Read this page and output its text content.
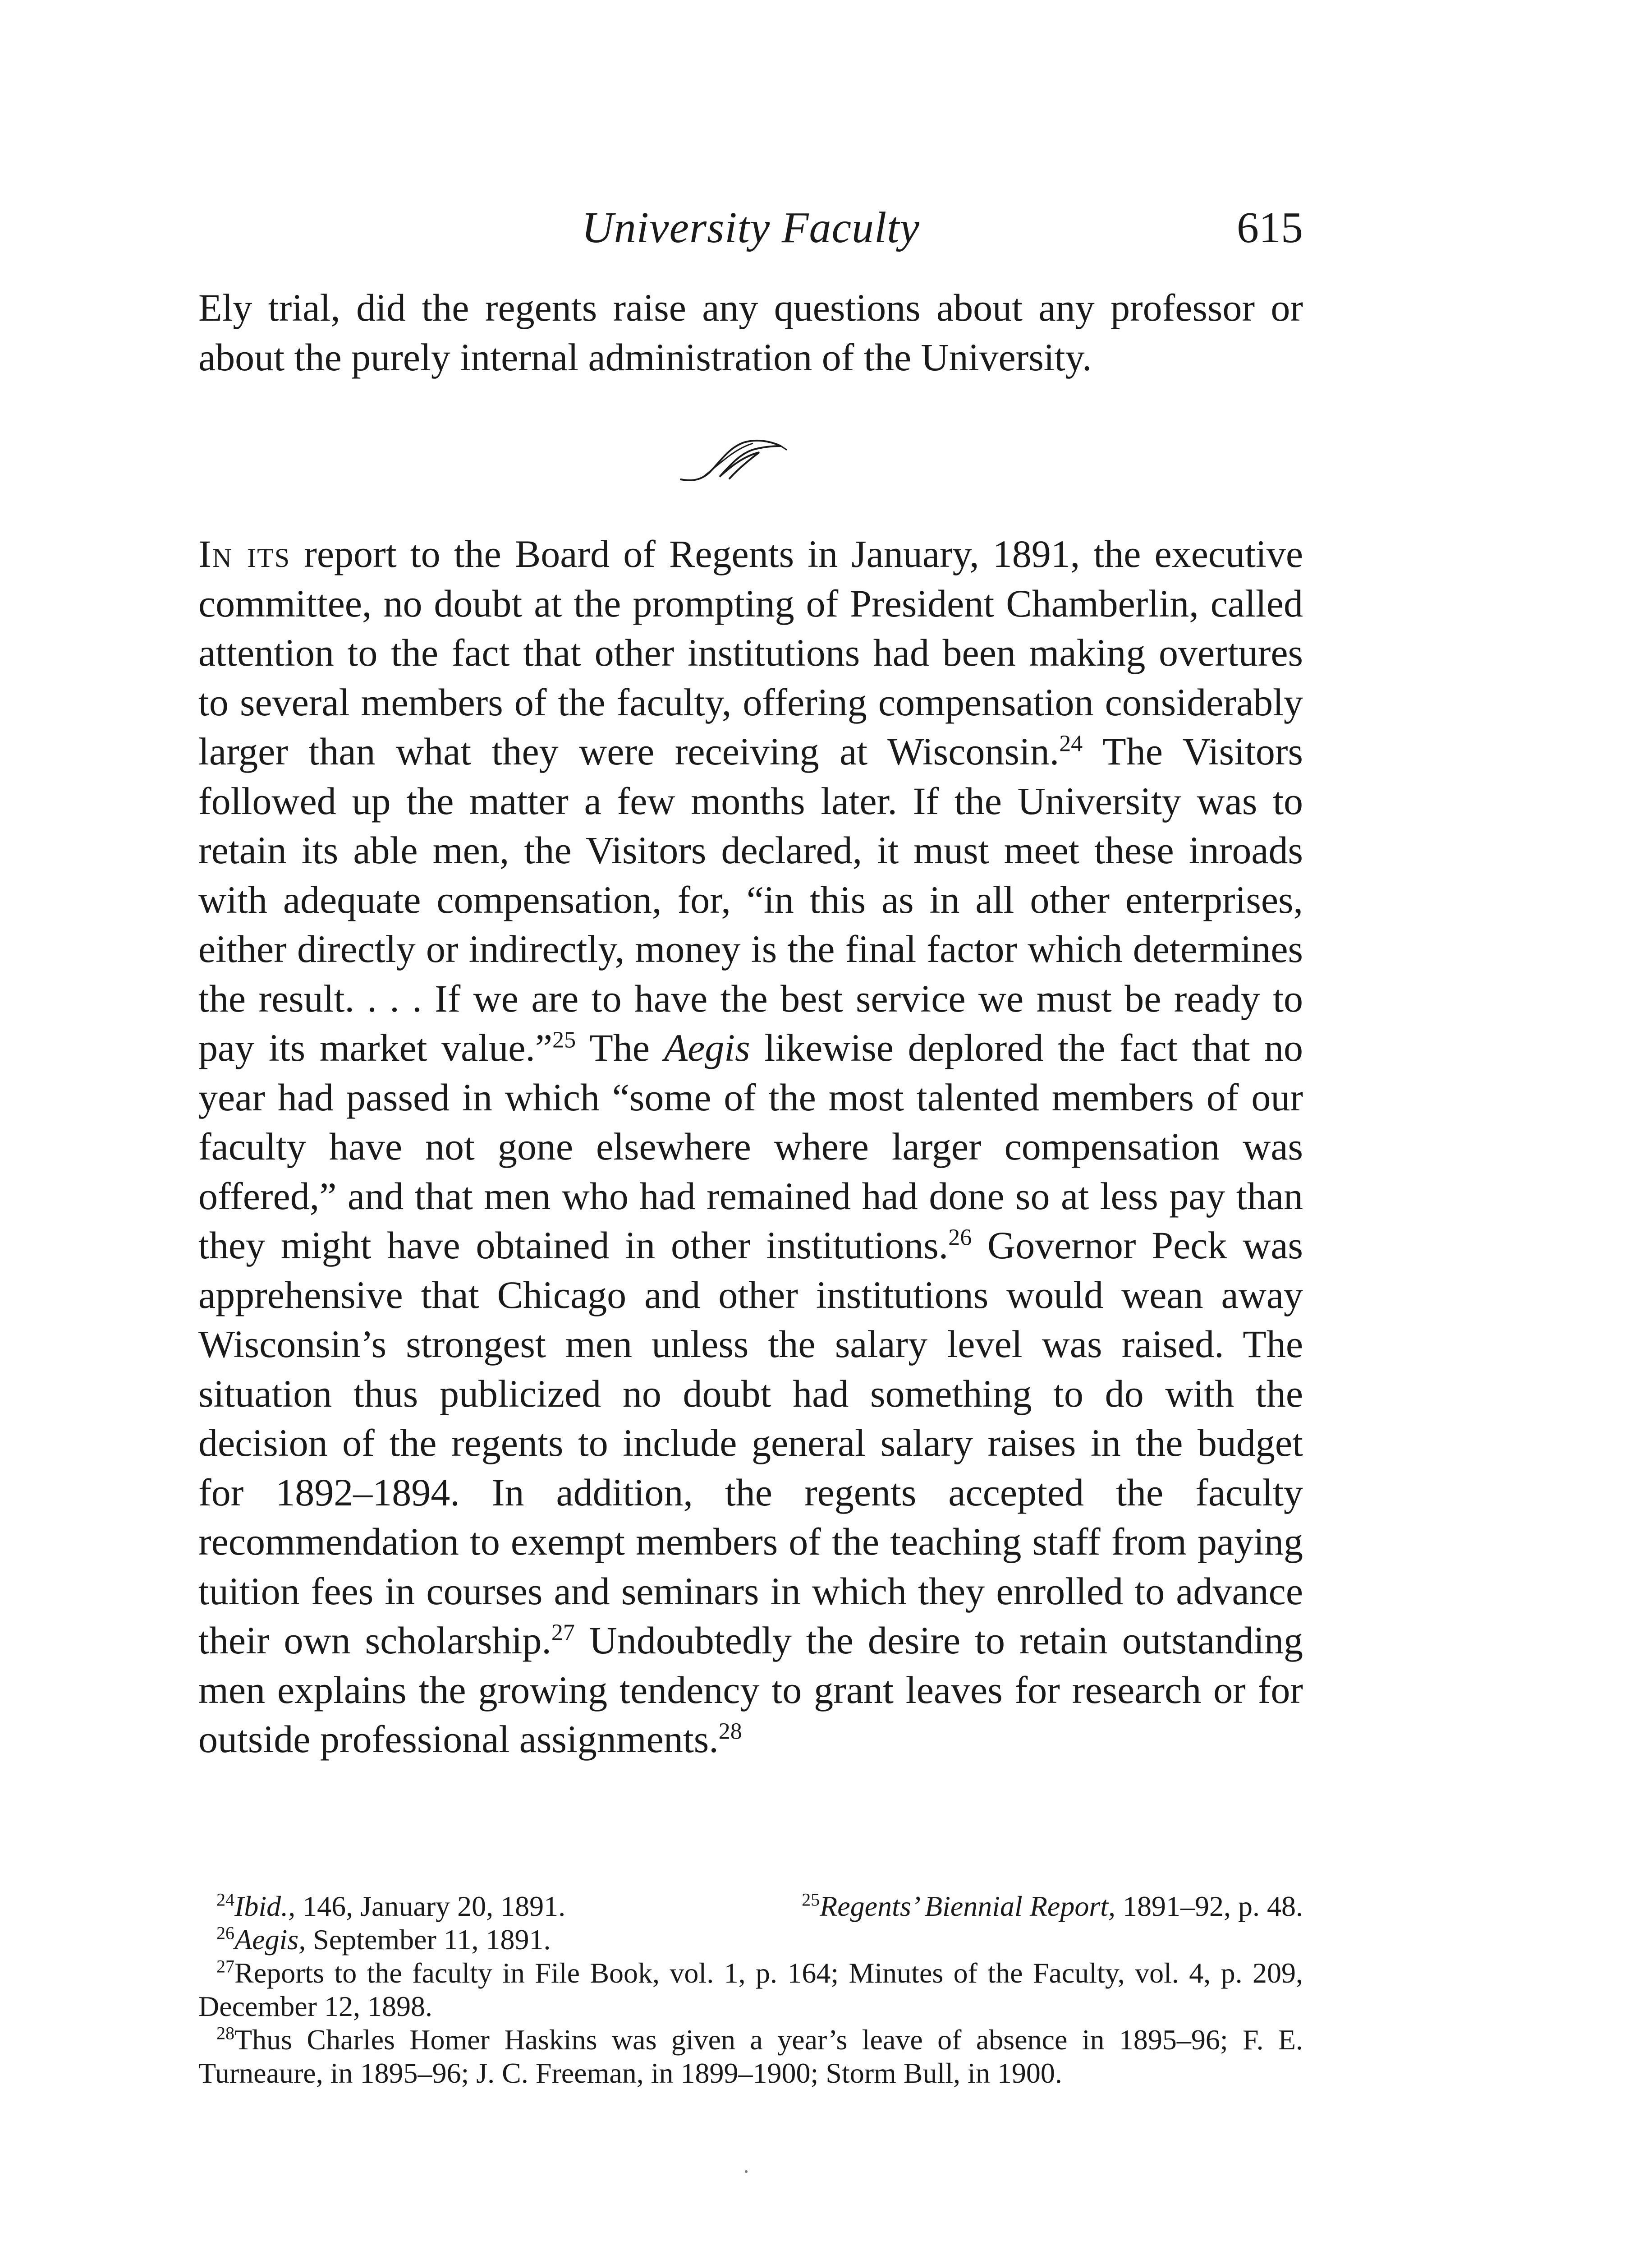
University Faculty	615

Ely trial, did the regents raise any questions about any professor or about the purely internal administration of the University.

In its report to the Board of Regents in January, 1891, the executive committee, no doubt at the prompting of President Chamberlin, called attention to the fact that other institutions had been making overtures to several members of the faculty, offering compensation considerably larger than what they were receiving at Wisconsin.$^{24}$ The Visitors followed up the matter a few months later. If the University was to retain its able men, the Visitors declared, it must meet these inroads with adequate compensation, for, “in this as in all other enterprises, either directly or indirectly, money is the final factor which determines the result. . . . If we are to have the best service we must be ready to pay its market value.”$^{25}$ The Aegis likewise deplored the fact that no year had passed in which “some of the most talented members of our faculty have not gone elsewhere where larger compensation was offered,” and that men who had remained had done so at less pay than they might have obtained in other institutions.$^{26}$ Governor Peck was apprehensive that Chicago and other institutions would wean away Wisconsin’s strongest men unless the salary level was raised. The situation thus publicized no doubt had something to do with the decision of the regents to include general salary raises in the budget for 1892–1894. In addition, the regents accepted the faculty recommendation to exempt members of the teaching staff from paying tuition fees in courses and seminars in which they enrolled to advance their own scholarship.$^{27}$ Undoubtedly the desire to retain outstanding men explains the growing tendency to grant leaves for research or for outside professional assignments.$^{28}$

$^{24}$Ibid., 146, January 20, 1891.	$^{25}$Regents’ Biennial Report, 1891–92, p. 48.

$^{26}$Aegis, September 11, 1891.

$^{27}$Reports to the faculty in File Book, vol. 1, p. 164; Minutes of the Faculty, vol. 4, p. 209, December 12, 1898.

$^{28}$Thus Charles Homer Haskins was given a year’s leave of absence in 1895–96; F. E. Turneaure, in 1895–96; J. C. Freeman, in 1899–1900; Storm Bull, in 1900.
